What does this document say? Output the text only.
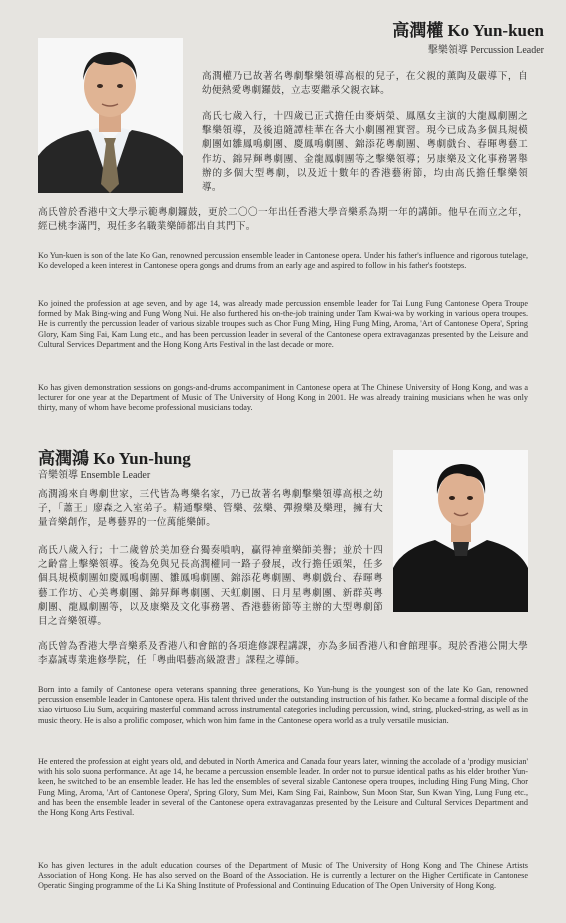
高潤權 Ko Yun-kuen
擊樂領導 Percussion Leader

高潤權乃已故著名粵劇擊樂領導高根的兒子，在父親的薰陶及嚴導下，自幼便熱愛粵劇鑼鼓，立志要繼承父親衣缽。

高氏七歲入行，十四歲已正式擔任由麥炳榮、鳳凰女主演的大龍鳳劇團之擊樂領導，及後追隨譚桂華在各大小劇團裡實習。現今已成為多個具規模劇團如雛鳳鳴劇團、慶鳳鳴劇團、錦添花粵劇團、粵劇戲台、春暉粵藝工作坊、錦昇輝粵劇團、金龍鳳劇團等之擊樂領導；另康樂及文化事務署舉辦的多個大型粵劇，以及近十數年的香港藝術節，均由高氏擔任擊樂領導。

高氏曾於香港中文大學示範粵劇鑼鼓，更於二〇〇一年出任香港大學音樂系為期一年的講師。他早在而立之年，經已桃李滿門，現任多名職業樂師都出自其門下。

Ko Yun-kuen is son of the late Ko Gan, renowned percussion ensemble leader in Cantonese opera. Under his father's influence and rigorous tutelage, Ko developed a keen interest in Cantonese opera gongs and drums from an early age and aspired to follow in his father's footsteps.

Ko joined the profession at age seven, and by age 14, was already made percussion ensemble leader for Tai Lung Fung Cantonese Opera Troupe formed by Mak Bing-wing and Fung Wong Nui. He also furthered his on-the-job training under Tam Kwai-wa by working in various opera troupes. He is currently the percussion leader of various sizable troupes such as Chor Fung Ming, Hing Fung Ming, Aroma, 'Art of Cantonese Opera', Spring Glory, Kam Sing Fai, Kam Lung etc., and has been percussion leader in several of the Cantonese opera extravaganzas presented by the Leisure and Cultural Services Department and the Hong Kong Arts Festival in the last decade or more.

Ko has given demonstration sessions on gongs-and-drums accompaniment in Cantonese opera at The Chinese University of Hong Kong, and was a lecturer for one year at the Department of Music of The University of Hong Kong in 2001. He was already training musicians when he was only thirty, many of whom have become professional musicians today.

高潤鴻 Ko Yun-hung
音樂領導 Ensemble Leader

高潤鴻來自粵劇世家，三代皆為粵樂名家，乃已故著名粵劇擊樂領導高根之幼子，「蕭王」廖森之入室弟子。精通擊樂、管樂、弦樂、彈撥樂及樂理，擁有大量音樂創作，是粵藝界的一位萬能樂師。

高氏八歲入行；十二歲曾於美加登台獨奏嗩吶，贏得神童樂師美譽；並於十四之齡當上擊樂領導。後為免與兄長高潤權同一路子發展，改行擔任頭架，任多個具規模劇團如慶鳳鳴劇團、雛鳳鳴劇團、錦添花粵劇團、粵劇戲台、春暉粵藝工作坊、心美粵劇團、錦昇輝粵劇團、天虹劇團、日月星粵劇團、新群英粵劇團、龍鳳劇團等，以及康樂及文化事務署、香港藝術節等主辦的大型粵劇節目之音樂領導。

高氏曾為香港大學音樂系及香港八和會館的各項進修課程講課，亦為多屆香港八和會館理事。現於香港公開大學李嘉誠專業進修學院，任「粵曲唱藝高級證書」課程之導師。

Born into a family of Cantonese opera veterans spanning three generations, Ko Yun-hung is the youngest son of the late Ko Gan, renowned percussion ensemble leader in Cantonese opera. His talent thrived under the outstanding instruction of his father. Ko became a formal disciple of the xiao virtuoso Liu Sum, acquiring masterful command across instrumental categories including percussion, wind, string, plucked-string, as well as in music theory. He is also a prolific composer, which won him fame in the Cantonese opera world as a truly versatile musician.

He entered the profession at eight years old, and debuted in North America and Canada four years later, winning the accolade of a 'prodigy musician' with his solo suona performance. At age 14, he became a percussion ensemble leader. In order not to pursue identical paths as his elder brother Yun-keen, he switched to be an ensemble leader. He has led the ensembles of several sizable Cantonese opera troupes, including Hing Fung Ming, Chor Fung Ming, Aroma, 'Art of Cantonese Opera', Spring Glory, Sum Mei, Kam Sing Fai, Rainbow, Sun Moon Star, Sun Kwan Ying, Lung Fung etc., and has been the ensemble leader in several of the Cantonese opera extravaganzas presented by the Leisure and Cultural Services Department and the Hong Kong Arts Festival.

Ko has given lectures in the adult education courses of the Department of Music of The University of Hong Kong and The Chinese Artists Association of Hong Kong. He has also served on the Board of the Association. He is currently a lecturer on the Higher Certificate in Cantonese Operatic Singing programme of the Li Ka Shing Institute of Professional and Continuing Education of The Open University of Hong Kong.
